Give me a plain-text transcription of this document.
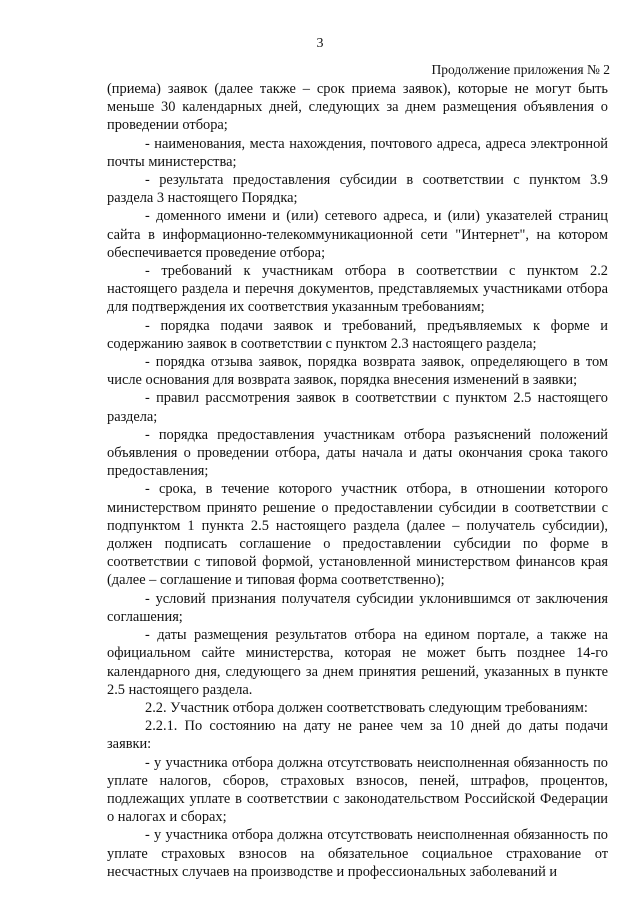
3
Продолжение приложения № 2

(приема) заявок (далее также – срок приема заявок), которые не могут быть меньше 30 календарных дней, следующих за днем размещения объявления о проведении отбора;

- наименования, места нахождения, почтового адреса, адреса электронной почты министерства;

- результата предоставления субсидии в соответствии с пунктом 3.9 раздела 3 настоящего Порядка;

- доменного имени и (или) сетевого адреса, и (или) указателей страниц сайта в информационно-телекоммуникационной сети "Интернет", на котором обеспечивается проведение отбора;

- требований к участникам отбора в соответствии с пунктом 2.2 настоящего раздела и перечня документов, представляемых участниками отбора для подтверждения их соответствия указанным требованиям;

- порядка подачи заявок и требований, предъявляемых к форме и содержанию заявок в соответствии с пунктом 2.3 настоящего раздела;

- порядка отзыва заявок, порядка возврата заявок, определяющего в том числе основания для возврата заявок, порядка внесения изменений в заявки;

- правил рассмотрения заявок в соответствии с пунктом 2.5 настоящего раздела;

- порядка предоставления участникам отбора разъяснений положений объявления о проведении отбора, даты начала и даты окончания срока такого предоставления;

- срока, в течение которого участник отбора, в отношении которого министерством принято решение о предоставлении субсидии в соответствии с подпунктом 1 пункта 2.5 настоящего раздела (далее – получатель субсидии), должен подписать соглашение о предоставлении субсидии по форме в соответствии с типовой формой, установленной министерством финансов края (далее – соглашение и типовая форма соответственно);

- условий признания получателя субсидии уклонившимся от заключения соглашения;

- даты размещения результатов отбора на едином портале, а также на официальном сайте министерства, которая не может быть позднее 14-го календарного дня, следующего за днем принятия решений, указанных в пункте 2.5 настоящего раздела.

2.2. Участник отбора должен соответствовать следующим требованиям:

2.2.1. По состоянию на дату не ранее чем за 10 дней до даты подачи заявки:

- у участника отбора должна отсутствовать неисполненная обязанность по уплате налогов, сборов, страховых взносов, пеней, штрафов, процентов, подлежащих уплате в соответствии с законодательством Российской Федерации о налогах и сборах;

- у участника отбора должна отсутствовать неисполненная обязанность по уплате страховых взносов на обязательное социальное страхование от несчастных случаев на производстве и профессиональных заболеваний и
